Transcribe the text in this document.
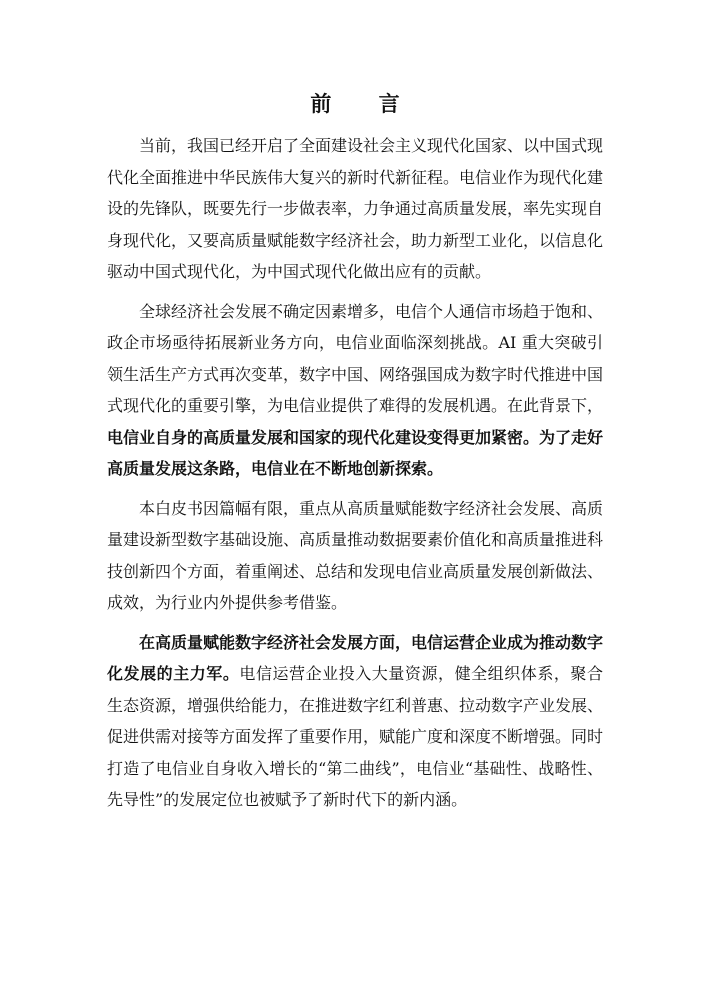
前 言

当前，我国已经开启了全面建设社会主义现代化国家、以中国式现代化全面推进中华民族伟大复兴的新时代新征程。电信业作为现代化建设的先锋队，既要先行一步做表率，力争通过高质量发展，率先实现自身现代化，又要高质量赋能数字经济社会，助力新型工业化，以信息化驱动中国式现代化，为中国式现代化做出应有的贡献。

全球经济社会发展不确定因素增多，电信个人通信市场趋于饱和、政企市场亟待拓展新业务方向，电信业面临深刻挑战。AI 重大突破引领生活生产方式再次变革，数字中国、网络强国成为数字时代推进中国式现代化的重要引擎，为电信业提供了难得的发展机遇。在此背景下，电信业自身的高质量发展和国家的现代化建设变得更加紧密。为了走好高质量发展这条路，电信业在不断地创新探索。

本白皮书因篇幅有限，重点从高质量赋能数字经济社会发展、高质量建设新型数字基础设施、高质量推动数据要素价值化和高质量推进科技创新四个方面，着重阐述、总结和发现电信业高质量发展创新做法、成效，为行业内外提供参考借鉴。

在高质量赋能数字经济社会发展方面，电信运营企业成为推动数字化发展的主力军。电信运营企业投入大量资源，健全组织体系，聚合生态资源，增强供给能力，在推进数字红利普惠、拉动数字产业发展、促进供需对接等方面发挥了重要作用，赋能广度和深度不断增强。同时打造了电信业自身收入增长的“第二曲线”，电信业“基础性、战略性、先导性”的发展定位也被赋予了新时代下的新内涵。
